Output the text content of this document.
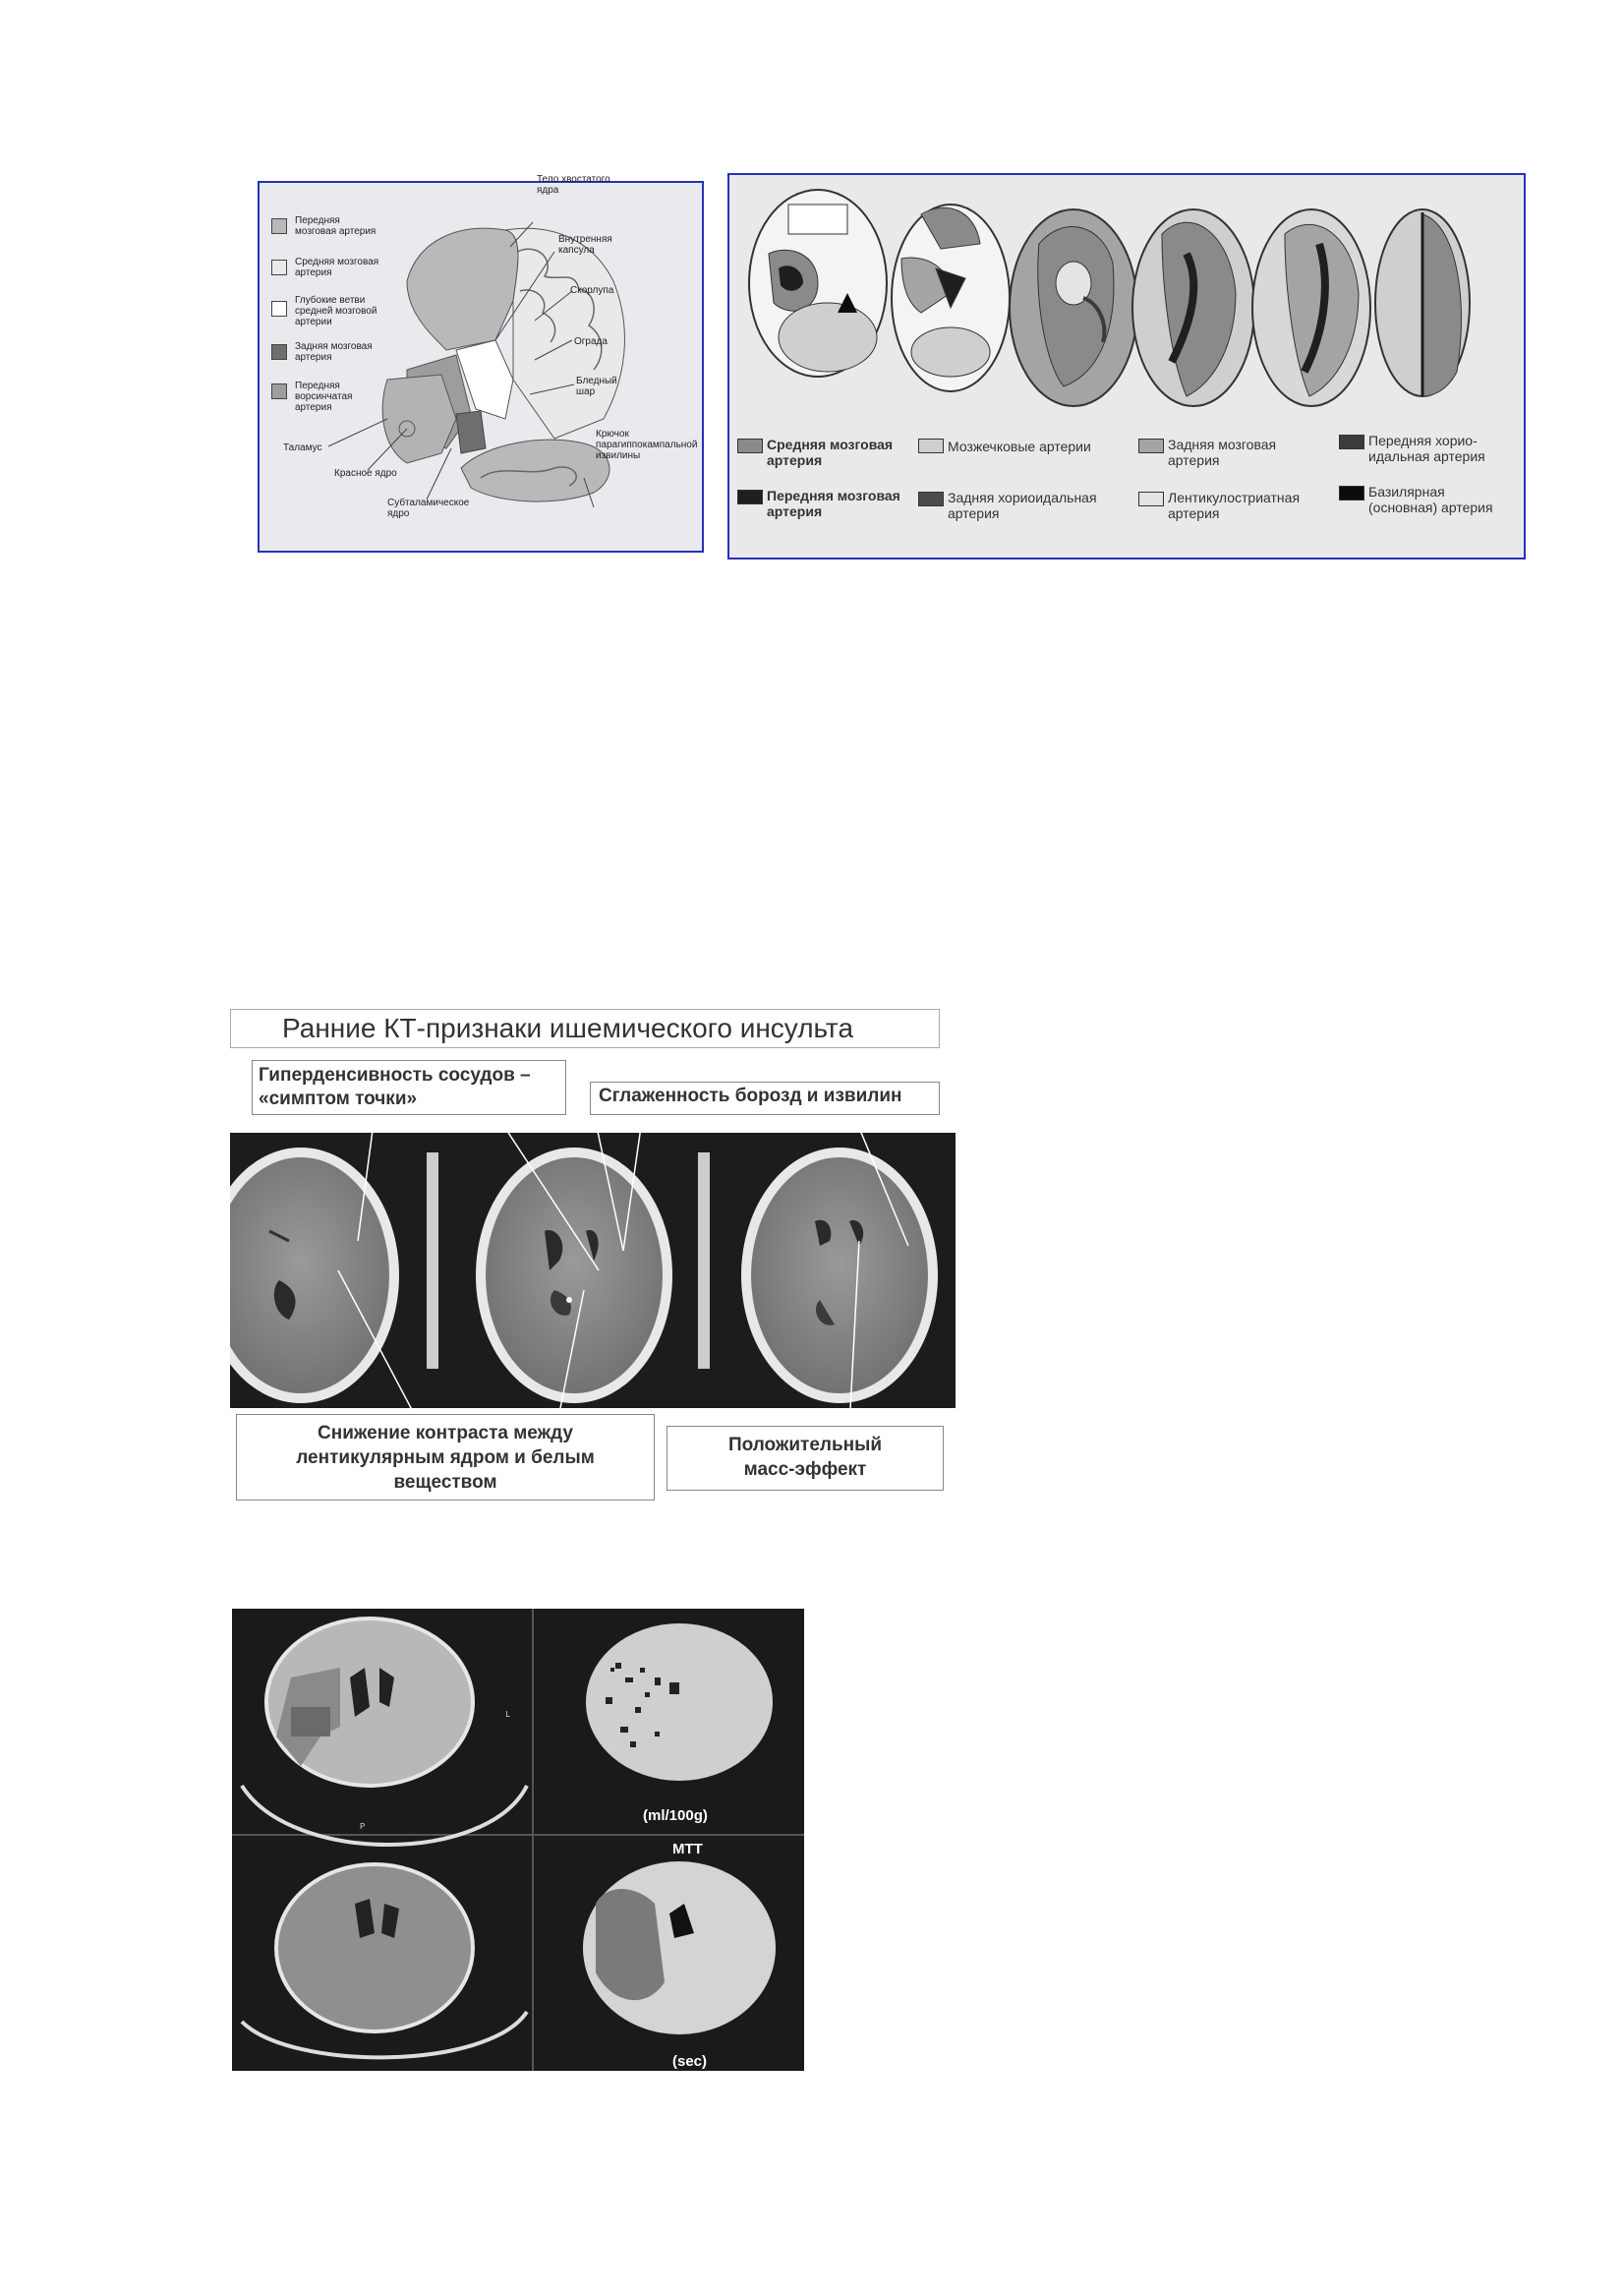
Передняя мозговая артерия
Средняя мозговая артерия
Глубокие ветви средней мозговой артерии
Задняя мозговая артерия
Передняя ворсинчатая артерия
Тело хвостатого ядра
Внутренняя капсула
Скорлупа
Ограда
Бледный шар
Крючок парагиппокампальной извилины
Таламус
Красное ядро
Субталамическое ядро
Средняя мозговая артерия
Мозжечковые артерии	Задняя мозговая артерия
Передняя хорио-идальная артерия
Передняя мозговая артерия
Задняя хориоидальная артерия
Лентикулостриатная артерия
Базилярная (основная) артерия
Ранние КТ-признаки ишемического инсульта
Гиперденсивность сосудов – «симптом точки»	Сглаженность борозд и извилин
Снижение контраста между лентикулярным ядром и белым веществом
Положительный масс-эффект
(ml/100g)
MTT
(sec)
L
P
